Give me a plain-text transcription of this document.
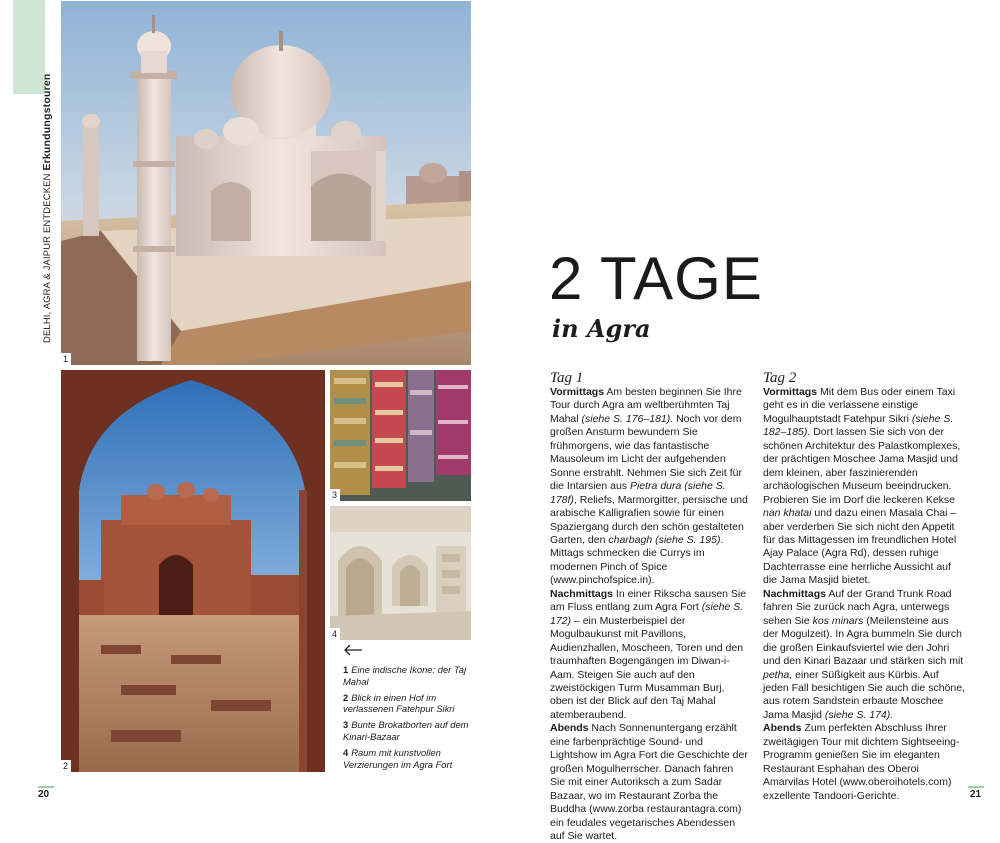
DELHI, AGRA & JAIPUR ENTDECKEN Erkundungstouren
1
2
3
4
1 Eine indische Ikone: der Taj Mahal
2 Blick in einen Hof im verlassenen Fatehpur Sikri
3 Bunte Brokatborten auf dem Kinari-Bazaar
4 Raum mit kunstvollen Verzierungen im Agra Fort
2 TAGE
in Agra
Tag 1

Vormittags Am besten beginnen Sie Ihre Tour durch Agra am weltberühmten Taj Mahal (siehe S. 176–181). Noch vor dem großen Ansturm bewundern Sie frühmorgens, wie das fantastische Mausoleum im Licht der aufgehenden Sonne erstrahlt. Nehmen Sie sich Zeit für die Intarsien aus Pietra dura (siehe S. 178f), Reliefs, Marmorgitter, persische und arabische Kalligrafien sowie für einen Spaziergang durch den schön gestalteten Garten, den charbagh (siehe S. 195). Mittags schmecken die Currys im modernen Pinch of Spice (www.pinchofspice.in).

Nachmittags In einer Rikscha sausen Sie am Fluss entlang zum Agra Fort (siehe S. 172) – ein Musterbeispiel der Mogulbaukunst mit Pavillons, Audienzhallen, Moscheen, Toren und den traumhaften Bogengängen im Diwan-i-Aam. Steigen Sie auch auf den zweistöckigen Turm Musamman Burj, oben ist der Blick auf den Taj Mahal atemberaubend.

Abends Nach Sonnenuntergang erzählt eine farbenprächtige Sound- und Lightshow im Agra Fort die Geschichte der großen Mogulherrscher. Danach fahren Sie mit einer Autoriksch a zum Sadar Bazaar, wo im Restaurant Zorba the Buddha (www.zorba restaurantagra.com) ein feudales vegetarisches Abendessen auf Sie wartet.

Tag 2

Vormittags Mit dem Bus oder einem Taxi geht es in die verlassene einstige Mogulhauptstadt Fatehpur Sikri (siehe S. 182–185). Dort lassen Sie sich von der schönen Architektur des Palastkomplexes, der prächtigen Moschee Jama Masjid und dem kleinen, aber faszinierenden archäologischen Museum beeindrucken. Probieren Sie im Dorf die leckeren Kekse nan khatai und dazu einen Masala Chai – aber verderben Sie sich nicht den Appetit für das Mittagessen im freundlichen Hotel Ajay Palace (Agra Rd), dessen ruhige Dachterrasse eine herrliche Aussicht auf die Jama Masjid bietet.

Nachmittags Auf der Grand Trunk Road fahren Sie zurück nach Agra, unterwegs sehen Sie kos minars (Meilensteine aus der Mogulzeit). In Agra bummeln Sie durch die großen Einkaufsviertel wie den Johri und den Kinari Bazaar und stärken sich mit petha, einer Süßigkeit aus Kürbis. Auf jeden Fall besichtigen Sie auch die schöne, aus rotem Sandstein erbaute Moschee Jama Masjid (siehe S. 174).

Abends Zum perfekten Abschluss Ihrer zweitägigen Tour mit dichtem Sightseeing-Programm genießen Sie im eleganten Restaurant Esphahan des Oberoi Amarvilas Hotel (www.oberoihotels.com) exzellente Tandoori-Gerichte.

20	21
